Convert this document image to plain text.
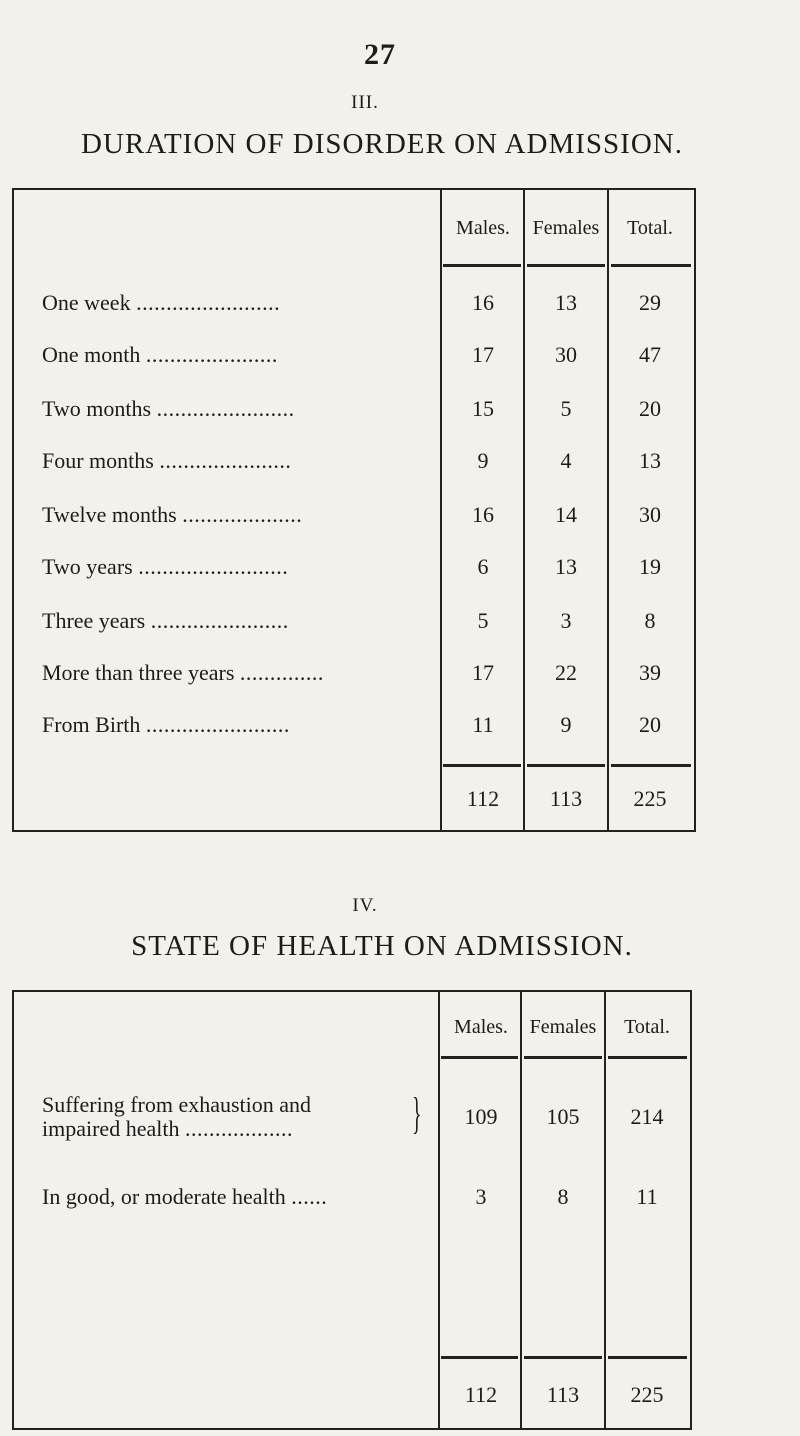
27
III.
DURATION OF DISORDER ON ADMISSION.
Males.	Females	Total.
One week ........................	16	13	29
One month ......................	17	30	47
Two months .......................	15	5	20
Four months ......................	9	4	13
Twelve months ....................	16	14	30
Two years .........................	6	13	19
Three years .......................	5	3	8
More than three years ..............	17	22	39
From Birth ........................	11	9	20
112	113	225
IV.
STATE OF HEALTH ON ADMISSION.
Males.	Females	Total.
Suffering from exhaustion and
impaired health ..................	}	109	105	214
In good, or moderate health ......	3	8	11
112	113	225
